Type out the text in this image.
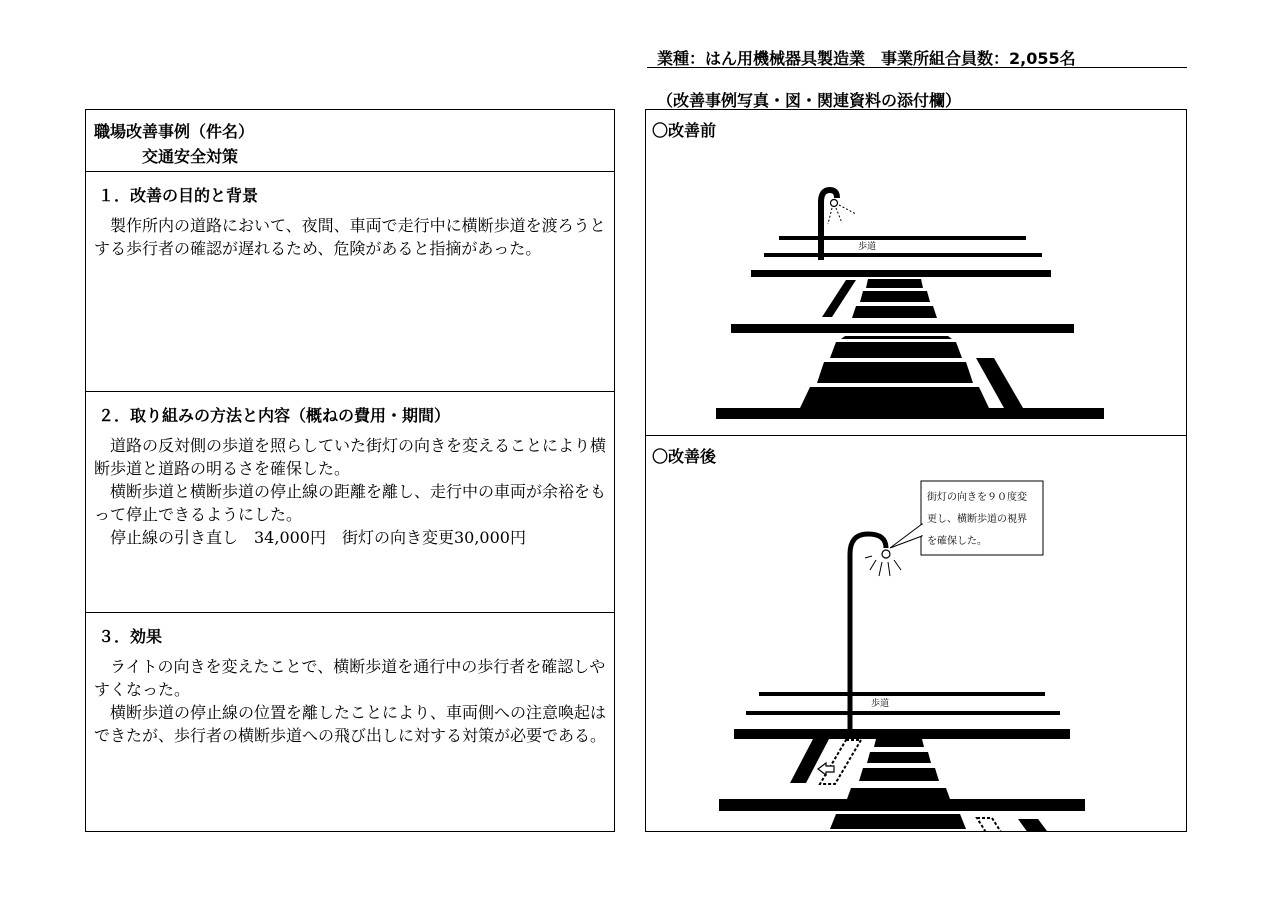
業種：はん用機械器具製造業　事業所組合員数：2,055名
（改善事例写真・図・関連資料の添付欄）
職場改善事例（件名）
交通安全対策
１．改善の目的と背景

　製作所内の道路において、夜間、車両で走行中に横断歩道を渡ろうとする歩行者の確認が遅れるため、危険があると指摘があった。

２．取り組みの方法と内容（概ねの費用・期間）

　道路の反対側の歩道を照らしていた街灯の向きを変えることにより横断歩道と道路の明るさを確保した。

　横断歩道と横断歩道の停止線の距離を離し、走行中の車両が余裕をもって停止できるようにした。

　停止線の引き直し　34,000円　街灯の向き変更30,000円

３．効果

　ライトの向きを変えたことで、横断歩道を通行中の歩行者を確認しやすくなった。

　横断歩道の停止線の位置を離したことにより、車両側への注意喚起はできたが、歩行者の横断歩道への飛び出しに対する対策が必要である。

歩道
〇改善前
街灯の向きを９０度変
更し、横断歩道の視界
を確保した。
歩道
〇改善後
